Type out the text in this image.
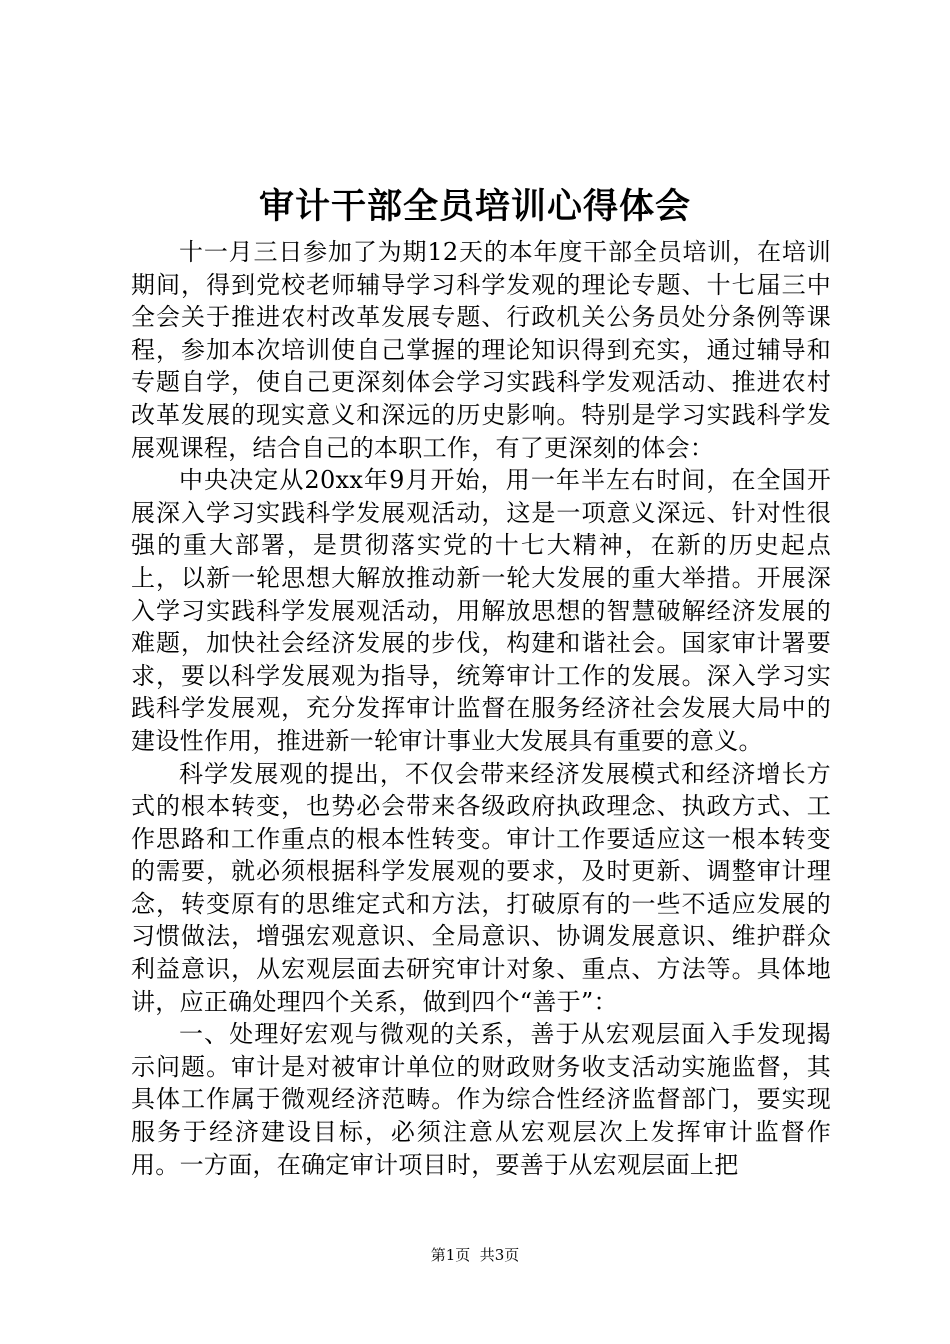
审计干部全员培训心得体会

十一月三日参加了为期12天的本年度干部全员培训，在培训期间，得到党校老师辅导学习科学发观的理论专题、十七届三中全会关于推进农村改革发展专题、行政机关公务员处分条例等课程，参加本次培训使自己掌握的理论知识得到充实，通过辅导和专题自学，使自己更深刻体会学习实践科学发观活动、推进农村改革发展的现实意义和深远的历史影响。特别是学习实践科学发展观课程，结合自己的本职工作，有了更深刻的体会：

中央决定从20xx年9月开始，用一年半左右时间，在全国开展深入学习实践科学发展观活动，这是一项意义深远、针对性很强的重大部署，是贯彻落实党的十七大精神，在新的历史起点上，以新一轮思想大解放推动新一轮大发展的重大举措。开展深入学习实践科学发展观活动，用解放思想的智慧破解经济发展的难题，加快社会经济发展的步伐，构建和谐社会。国家审计署要求，要以科学发展观为指导，统筹审计工作的发展。深入学习实践科学发展观，充分发挥审计监督在服务经济社会发展大局中的建设性作用，推进新一轮审计事业大发展具有重要的意义。

科学发展观的提出，不仅会带来经济发展模式和经济增长方式的根本转变，也势必会带来各级政府执政理念、执政方式、工作思路和工作重点的根本性转变。审计工作要适应这一根本转变的需要，就必须根据科学发展观的要求，及时更新、调整审计理念，转变原有的思维定式和方法，打破原有的一些不适应发展的习惯做法，增强宏观意识、全局意识、协调发展意识、维护群众利益意识，从宏观层面去研究审计对象、重点、方法等。具体地讲，应正确处理四个关系，做到四个“善于”：

一、处理好宏观与微观的关系，善于从宏观层面入手发现揭示问题。审计是对被审计单位的财政财务收支活动实施监督，其具体工作属于微观经济范畴。作为综合性经济监督部门，要实现服务于经济建设目标，必须注意从宏观层次上发挥审计监督作用。一方面，在确定审计项目时，要善于从宏观层面上把

第1页  共3页
